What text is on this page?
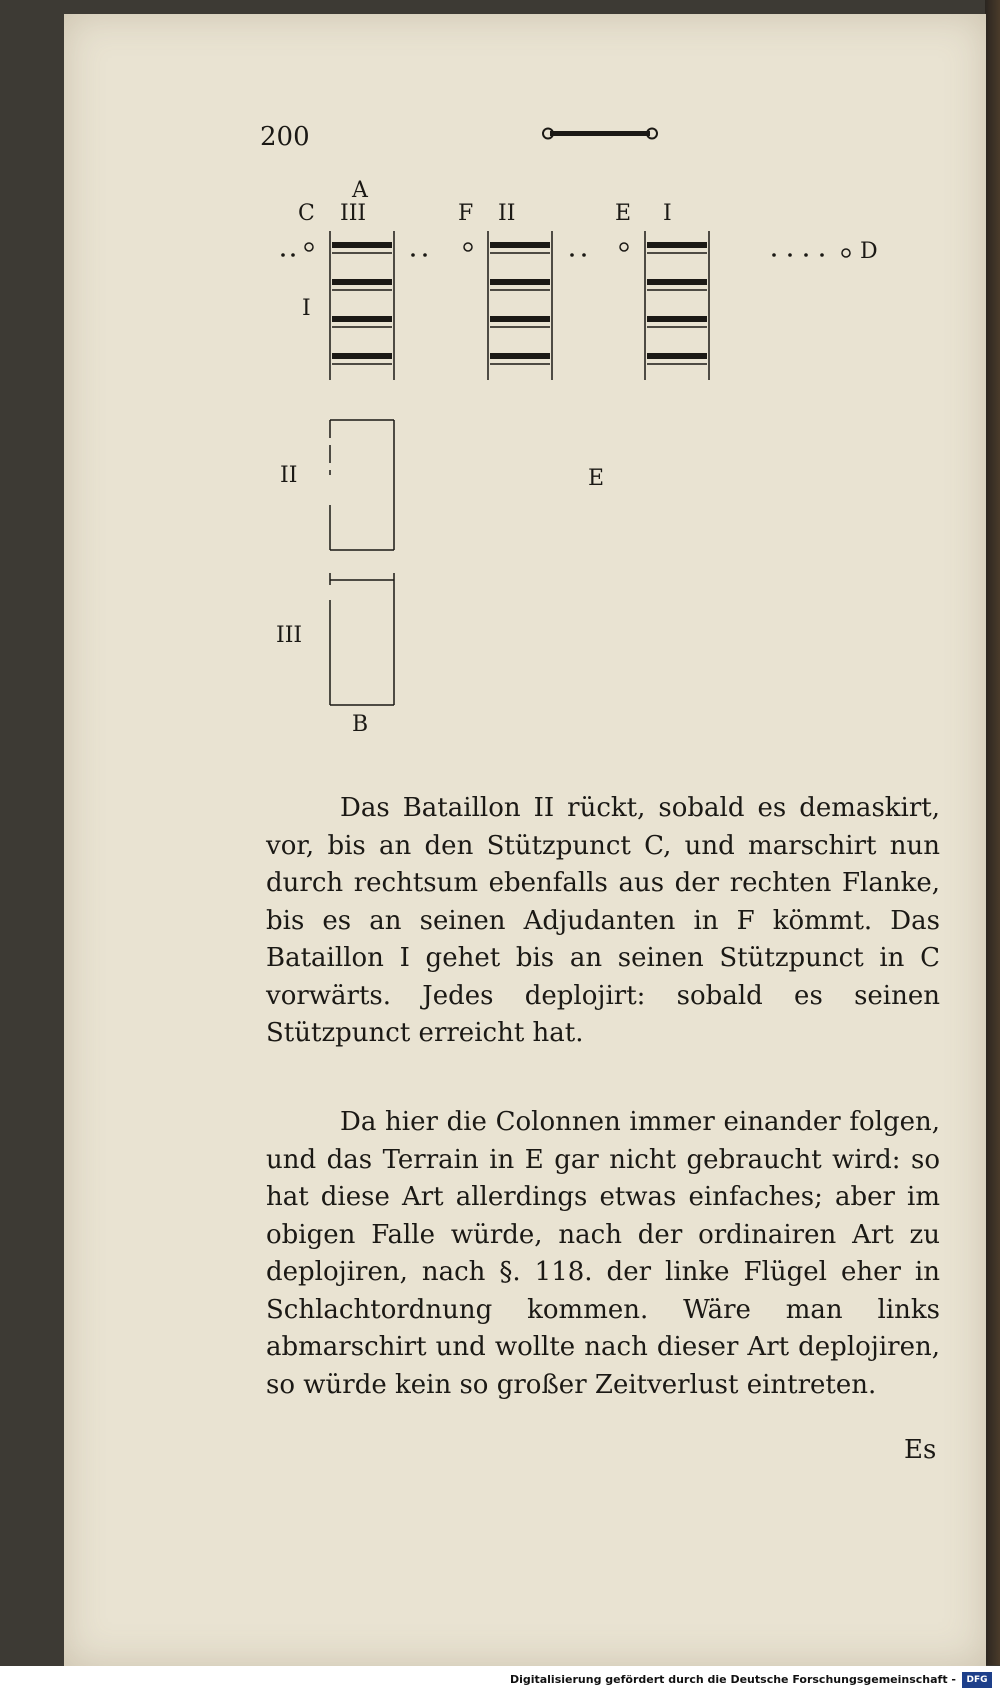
200
A
C III	F II	E I
D
I
II	E
III
B

Das Bataillon II rückt, sobald es demaskirt, vor, bis an den Stützpunct C, und marschirt nun durch rechtsum ebenfalls aus der rechten Flanke, bis es an seinen Adjudanten in F kömmt. Das Bataillon I gehet bis an seinen Stützpunct in C vorwärts. Jedes deplojirt: sobald es seinen Stützpunct erreicht hat.

Da hier die Colonnen immer einander folgen, und das Terrain in E gar nicht gebraucht wird: so hat diese Art allerdings etwas einfaches; aber im obigen Falle würde, nach der ordinairen Art zu deplojiren, nach §. 118. der linke Flügel eher in Schlachtordnung kommen. Wäre man links abmarschirt und wollte nach dieser Art deplojiren, so würde kein so großer Zeitverlust eintreten.

Es
Digitalisierung gefördert durch die Deutsche Forschungsgemeinschaft -	DFG
